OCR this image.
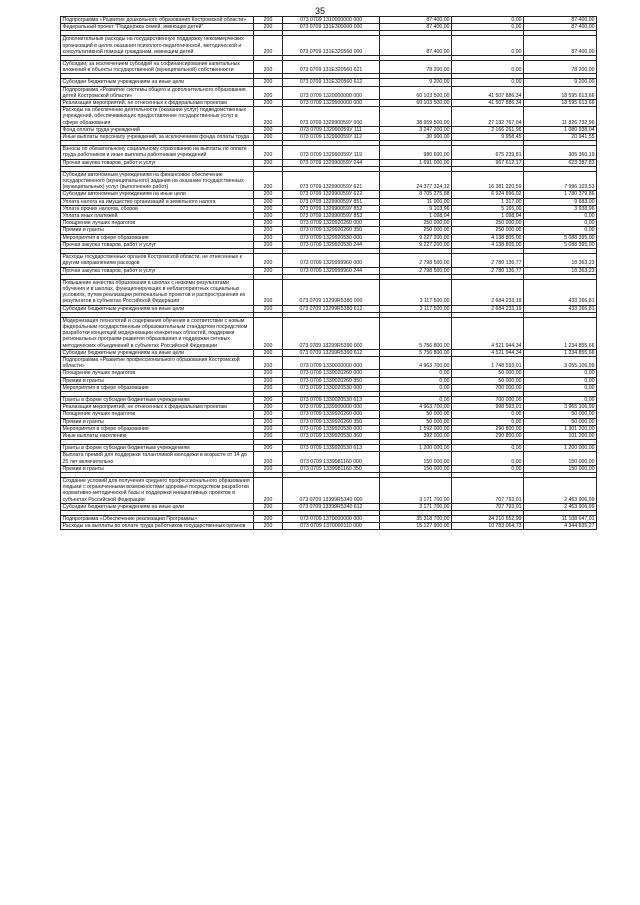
35
Подпрограмма «Развитие дошкольного образования Костромской области»	200	073 0709 1310000000 000	87 400,00	0,00	87 400,00
Федеральный проект "Поддержка семей, имеющих детей"	200	073 0709 131E300000 000	87 400,00	0,00	87 400,00

Дополнительные расходы на государственную поддержку некоммерческих организаций в целях оказания психолого-педагогической, методической и консультативной помощи гражданам, имеющим детей	200	073 0709 131E320560 000	87 400,00	0,00	87 400,00

Субсидии, за исключением субсидий на софинансирование капитальных вложений в объекты государственной (муниципальной) собственности	200	073 0709 131E320560 621	78 200,00	0,00	78 200,00

Субсидии бюджетным учреждениям на иные цели	200	073 0709 131E320560 612	9 200,00	0,00	9 200,00
Подпрограмма «Развитие системы общего и дополнительного образования детей Костромской области»	200	073 0709 1320000000 000	60 103 500,00	41 507 886,34	18 595 613,66
Реализация мероприятий, не отнесенных к федеральным проектам	200	073 0709 1329900000 000	60 103 500,00	41 507 886,34	18 595 613,66
Расходы на обеспечение деятельности (оказание услуг) подведомственных учреждений, обеспечивающих предоставление государственных услуг в сфере образования	200	073 0709 132990059У 000	38 959 500,00	27 132 767,04	11 826 732,96
Фонд оплаты труда учреждений	200	073 0709 132990059У 111	3 247 200,00	2 166 261,96	1 080 938,04
Иные выплаты персоналу учреждений, за исключением фонда оплаты труда	200	073 0709 132990059У 112	30 900,00	9 958,45	20 941,55

Взносы по обязательному социальному страхованию на выплаты по оплате труда работников и иные выплаты работникам учреждений	200	073 0709 132990059У 119	980 600,00	675 239,81	305 360,19
Прочая закупка товаров, работ и услуг	200	073 0709 132990059У 244	1 691 000,00	967 612,17	623 387,83

Субсидии автономным учреждениям на финансовое обеспечение государственного (муниципального) задания на оказание государственных (муниципальных) услуг (выполнение работ)	200	073 0709 132990059У 621	24 377 324,12	16 381 220,59	7 996 103,53
Субсидии автономным учреждениям на иные цели	200	073 0709 132990059У 622	8 705 275,88	6 924 896,02	1 780 379,86
Уплата налога на имущество организаций и земельного налога	200	073 0709 132990059У 851	11 000,00	1 317,00	9 683,00
Уплата прочих налогов, сборов	200	073 0709 132990059У 852	9 103,96	5 165,00	3 938,96
Уплата иных платежей	200	073 0709 132990059У 853	1 098,04	1 098,04	0,00
Поощрение лучших педагогов	200	073 0709 1329920260 000	250 000,00	250 000,00	0,00
Премии и гранты	200	073 0709 1329920260 350	250 000,00	250 000,00	0,00
Мероприятия в сфере образования	200	073 0709 1329920530 000	9 227 200,00	4 138 805,00	5 088 395,00
Прочая закупка товаров, работ и услуг	200	073 0709 1329920530 244	9 227 200,00	4 138 805,00	5 088 395,00

Расходы государственных органов Костромской области, не отнесенные к другим направлениям расходов	200	073 0709 1329999960 000	2 798 500,00	2 780 136,77	18 363,23
Прочая закупка товаров, работ и услуг	200	073 0709 1329999960 244	2 798 500,00	2 780 136,77	18 363,23

Повышение качества образования в школах с низкими результатами обучения и в школах, функционирующих в неблагоприятных социальных условиях, путем реализации региональных проектов и распространения их результатов в субъектах Российской Федерации	200	073 0709 13299R5380 000	3 117 500,00	2 684 233,19	433 266,81
Субсидии бюджетным учреждениям на иные цели	200	073 0709 13299R5380 612	3 117 500,00	2 684 233,19	433 266,81

Модернизация технологий и содержания обучения в соответствии с новым федеральным государственным образовательным стандартом посредством разработки концепций модернизации конкретных областей, поддержки региональных программ развития образования и поддержки сетевых методических объединений в субъектах Российской Федерации	200	073 0709 13299R5390 000	5 756 800,00	4 521 944,34	1 234 855,66
Субсидии бюджетным учреждениям на иные цели	200	073 0709 13299R5390 612	5 756 800,00	4 521 944,34	1 234 855,66
Подпрограмма «Развитие профессионального образования Костромской области»	200	073 0709 1330000000 000	4 963 700,00	1 748 593,01	3 055 106,99
Поощрение лучших педагогов	200	073 0709 1330020260 000	0,00	50 000,00	0,00
Премии и гранты	200	073 0709 1330020260 350	0,00	50 000,00	0,00
Мероприятия в сфере образования	200	073 0709 1330020530 000	0,00	700 000,00	0,00

Гранты в форме субсидии бюджетным учреждениям	200	073 0709 1330020530 613	0,00	700 000,00	0,00
Реализация мероприятий, не отнесенных к федеральным проектам	200	073 0709 1339900000 000	4 963 700,00	998 593,01	3 965 106,99
Поощрение лучших педагогов	200	073 0709 1339920260 000	50 000,00	0,00	50 000,00
Премии и гранты	200	073 0709 1339920260 350	50 000,00	0,00	50 000,00
Мероприятия в сфере образования	200	073 0709 1339920530 000	1 592 000,00	290 800,00	1 301 200,00
Иные выплаты населению	200	073 0709 1339920530 360	392 000,00	290 800,00	101 200,00

Гранты в форме субсидии бюджетным учреждениям	200	073 0709 1339920530 613	1 200 000,00	0,00	1 200 000,00
Выплата премий для поддержки талантливой молодежи в возрасте от 14 до 25 лет включительно	200	073 0709 1339981160 000	150 000,00	0,00	150 000,00
Премии и гранты	200	073 0709 1339981160 350	150 000,00	0,00	150 000,00

Создание условий для получения среднего профессионального образования людьми с ограниченными возможностями здоровья посредством разработки нормативно-методической базы и поддержки инициативных проектов в субъектах Российской Федерации	200	073 0709 13399R5340 000	3 171 700,00	707 793,01	2 463 906,99
Субсидии бюджетным учреждениям на иные цели	200	073 0709 13399R5340 612	3 171 700,00	707 793,01	2 463 906,99

Подпрограмма «Обеспечение реализации Программы»	200	073 0709 1370000000 000	35 318 700,00	24 210 652,99	11 108 047,01
Расходы на выплаты по оплате труда работников государственных органов	200	073 0709 1370000110 000	15 127 900,00	10 783 064,73	4 344 835,27
